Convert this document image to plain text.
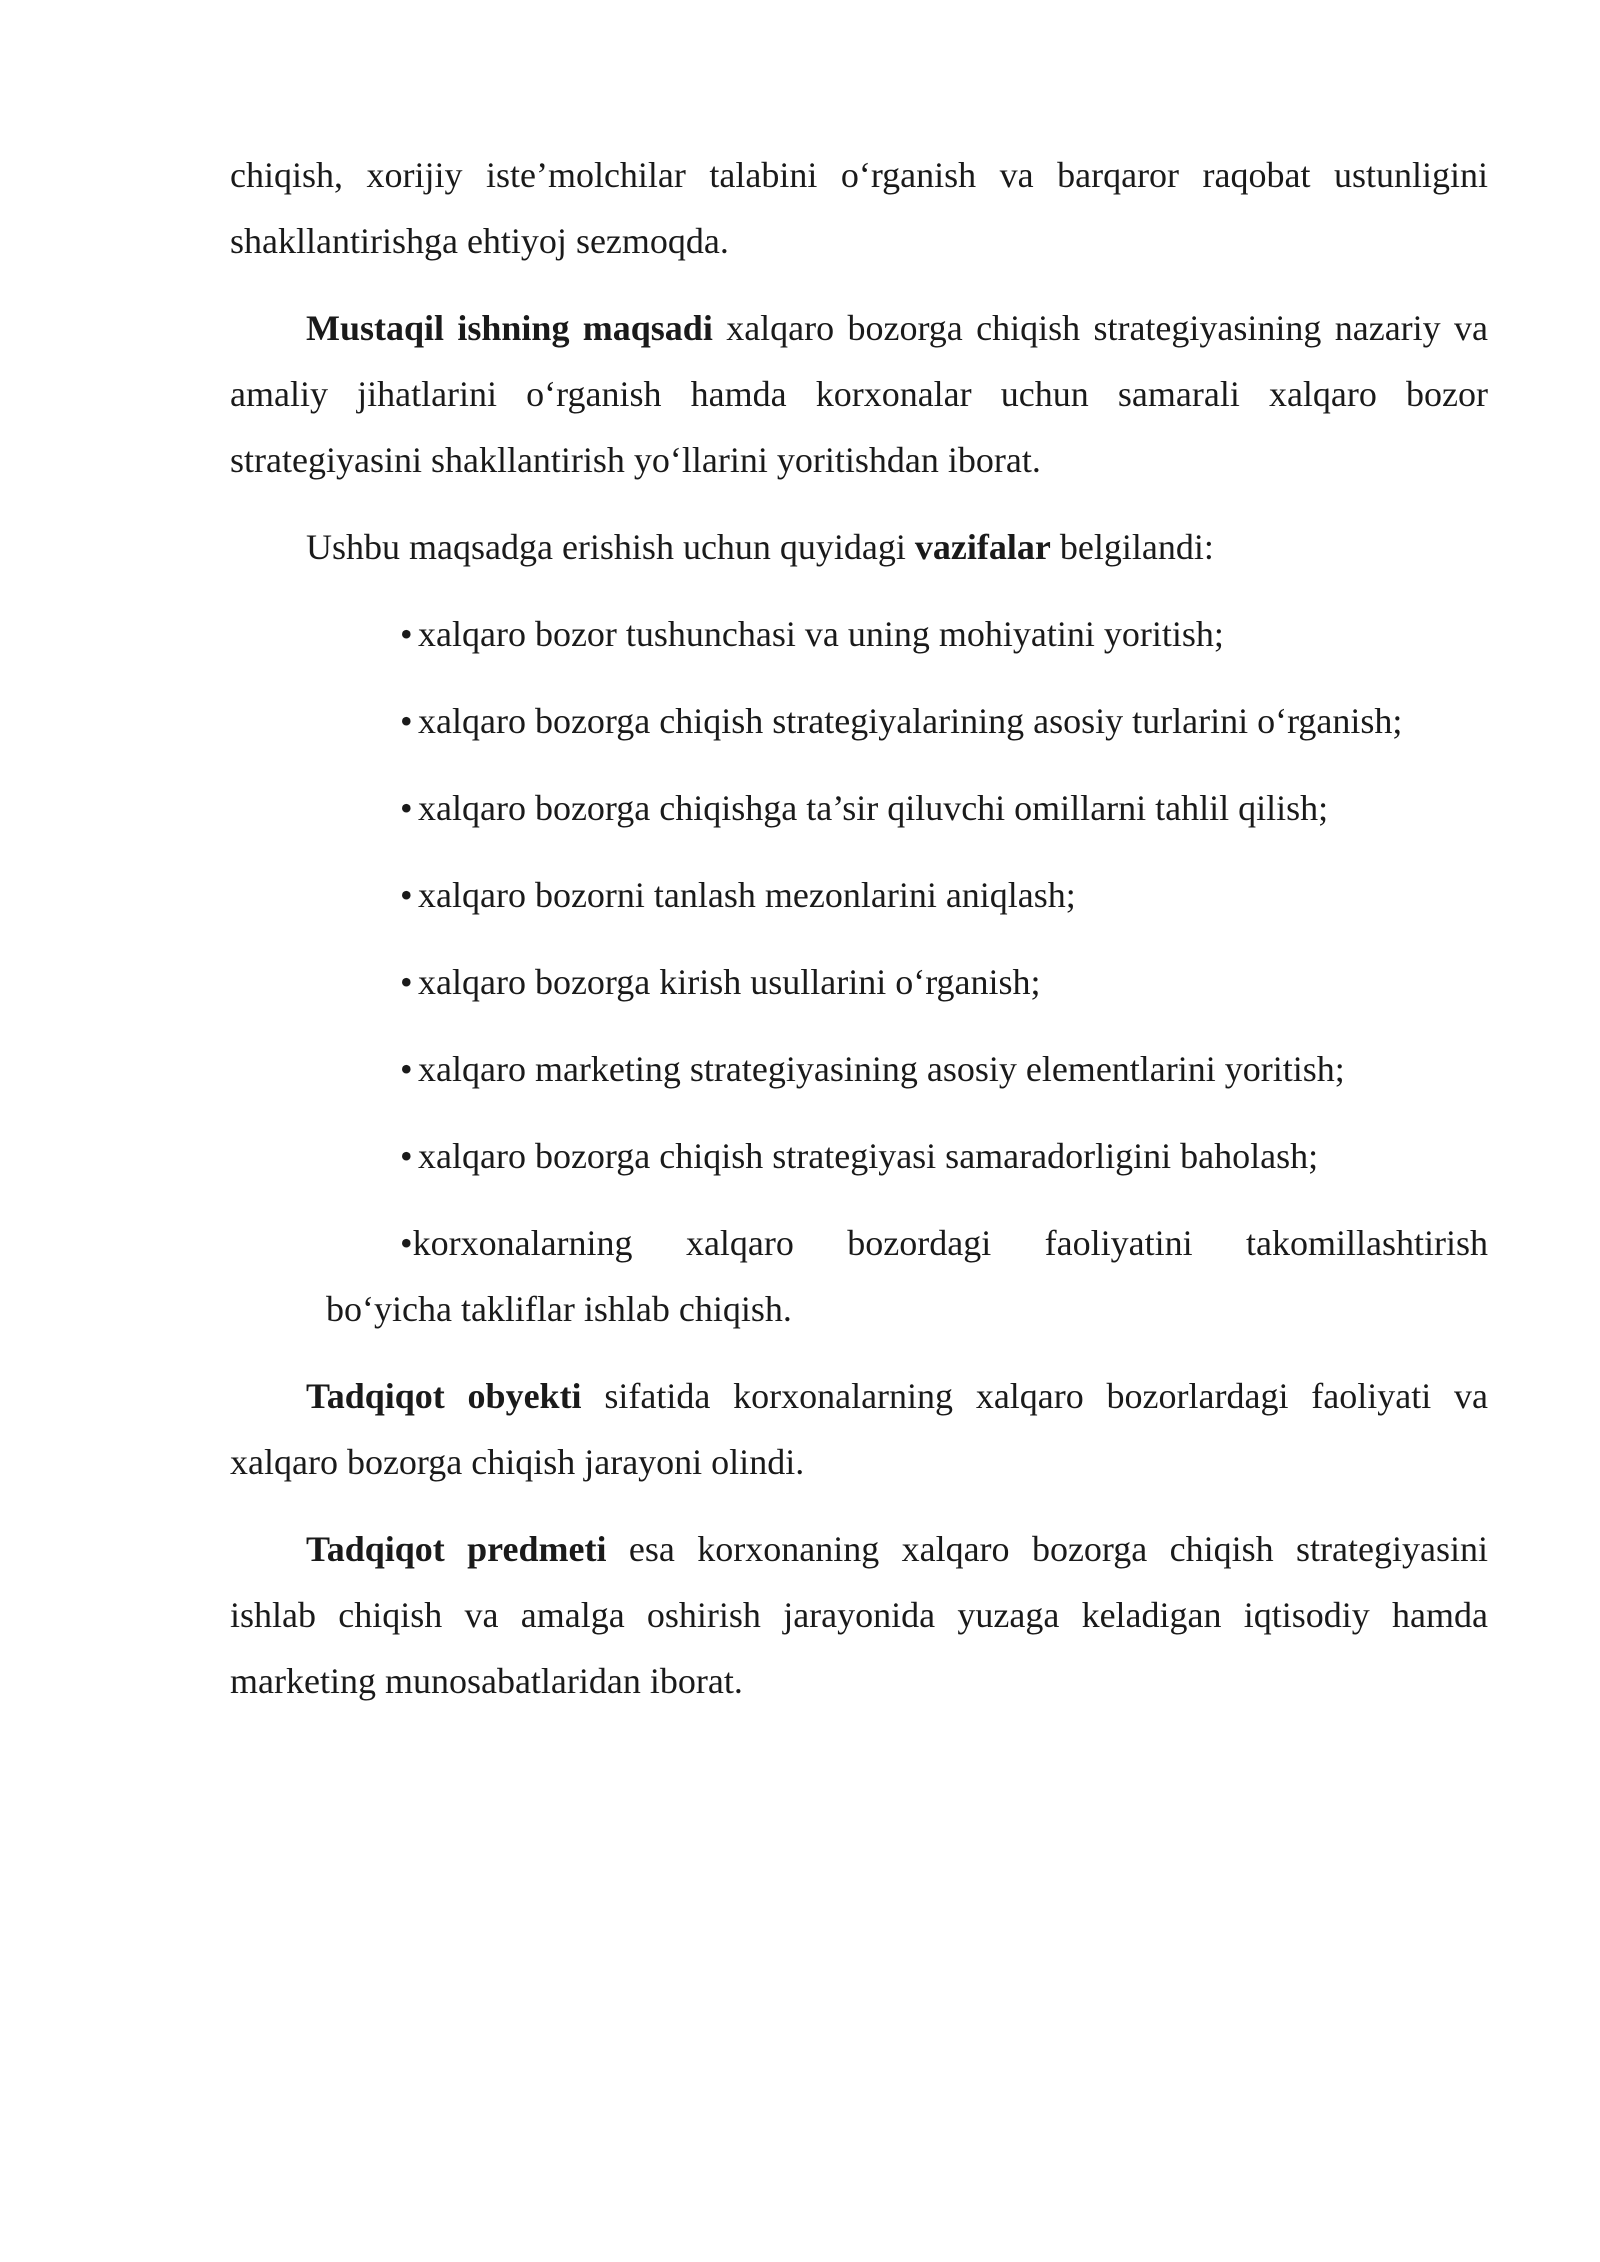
chiqish, xorijiy iste’molchilar talabini o‘rganish va barqaror raqobat ustunligini shakllantirishga ehtiyoj sezmoqda.

Mustaqil ishning maqsadi xalqaro bozorga chiqish strategiyasining nazariy va amaliy jihatlarini o‘rganish hamda korxonalar uchun samarali xalqaro bozor strategiyasini shakllantirish yo‘llarini yoritishdan iborat.

Ushbu maqsadga erishish uchun quyidagi vazifalar belgilandi:

• xalqaro bozor tushunchasi va uning mohiyatini yoritish;
• xalqaro bozorga chiqish strategiyalarining asosiy turlarini o‘rganish;
• xalqaro bozorga chiqishga ta’sir qiluvchi omillarni tahlil qilish;
• xalqaro bozorni tanlash mezonlarini aniqlash;
• xalqaro bozorga kirish usullarini o‘rganish;
• xalqaro marketing strategiyasining asosiy elementlarini yoritish;
• xalqaro bozorga chiqish strategiyasi samaradorligini baholash;
•korxonalarning xalqaro bozordagi faoliyatini takomillashtirish
bo‘yicha takliflar ishlab chiqish.

Tadqiqot obyekti sifatida korxonalarning xalqaro bozorlardagi faoliyati va xalqaro bozorga chiqish jarayoni olindi.

Tadqiqot predmeti esa korxonaning xalqaro bozorga chiqish strategiyasini ishlab chiqish va amalga oshirish jarayonida yuzaga keladigan iqtisodiy hamda marketing munosabatlaridan iborat.
